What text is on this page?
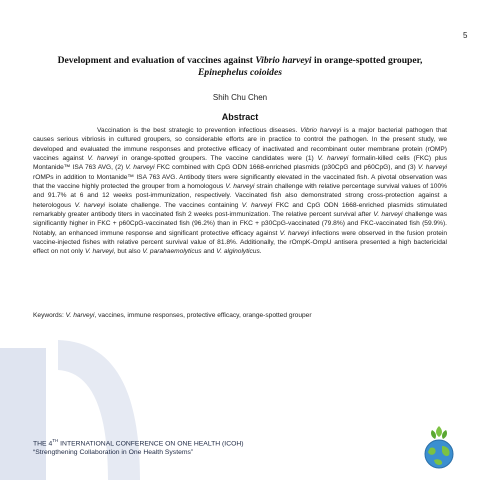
5
Development and evaluation of vaccines against Vibrio harveyi in orange-spotted grouper,
Epinephelus coioides
Shih Chu Chen
Abstract
Vaccination is the best strategic to prevention infectious diseases. Vibrio harveyi is a major bacterial pathogen that causes serious vibriosis in cultured groupers, so considerable efforts are in practice to control the pathogen. In the present study, we developed and evaluated the immune responses and protective efficacy of inactivated and recombinant outer membrane protein (rOMP) vaccines against V. harveyi in orange-spotted groupers. The vaccine candidates were (1) V. harveyi formalin-killed cells (FKC) plus Montanide™ ISA 763 AVG, (2) V. harveyi FKC combined with CpG ODN 1668-enriched plasmids (p30CpG and p60CpG), and (3) V. harveyi rOMPs in addition to Montanide™ ISA 763 AVG. Antibody titers were significantly elevated in the vaccinated fish. A pivotal observation was that the vaccine highly protected the grouper from a homologous V. harveyi strain challenge with relative percentage survival values of 100% and 91.7% at 6 and 12 weeks post-immunization, respectively. Vaccinated fish also demonstrated strong cross-protection against a heterologous V. harveyi isolate challenge. The vaccines containing V. harveyi FKC and CpG ODN 1668-enriched plasmids stimulated remarkably greater antibody titers in vaccinated fish 2 weeks post-immunization. The relative percent survival after V. harveyi challenge was significantly higher in FKC + p60CpG-vaccinated fish (96.2%) than in FKC + p30CpG-vaccinated (79.8%) and FKC-vaccinated fish (59.9%). Notably, an enhanced immune response and significant protective efficacy against V. harveyi infections were observed in the fusion protein vaccine-injected fishes with relative percent survival value of 81.8%. Additionally, the rOmpK-OmpU antisera presented a high bactericidal effect on not only V. harveyi, but also V. parahaemolyticus and V. alginolyticus.
Keywords: V. harveyi, vaccines, immune responses, protective efficacy, orange-spotted grouper
THE 4TH INTERNATIONAL CONFERENCE ON ONE HEALTH (ICOH)
“Strengthening Collaboration in One Health Systems”
